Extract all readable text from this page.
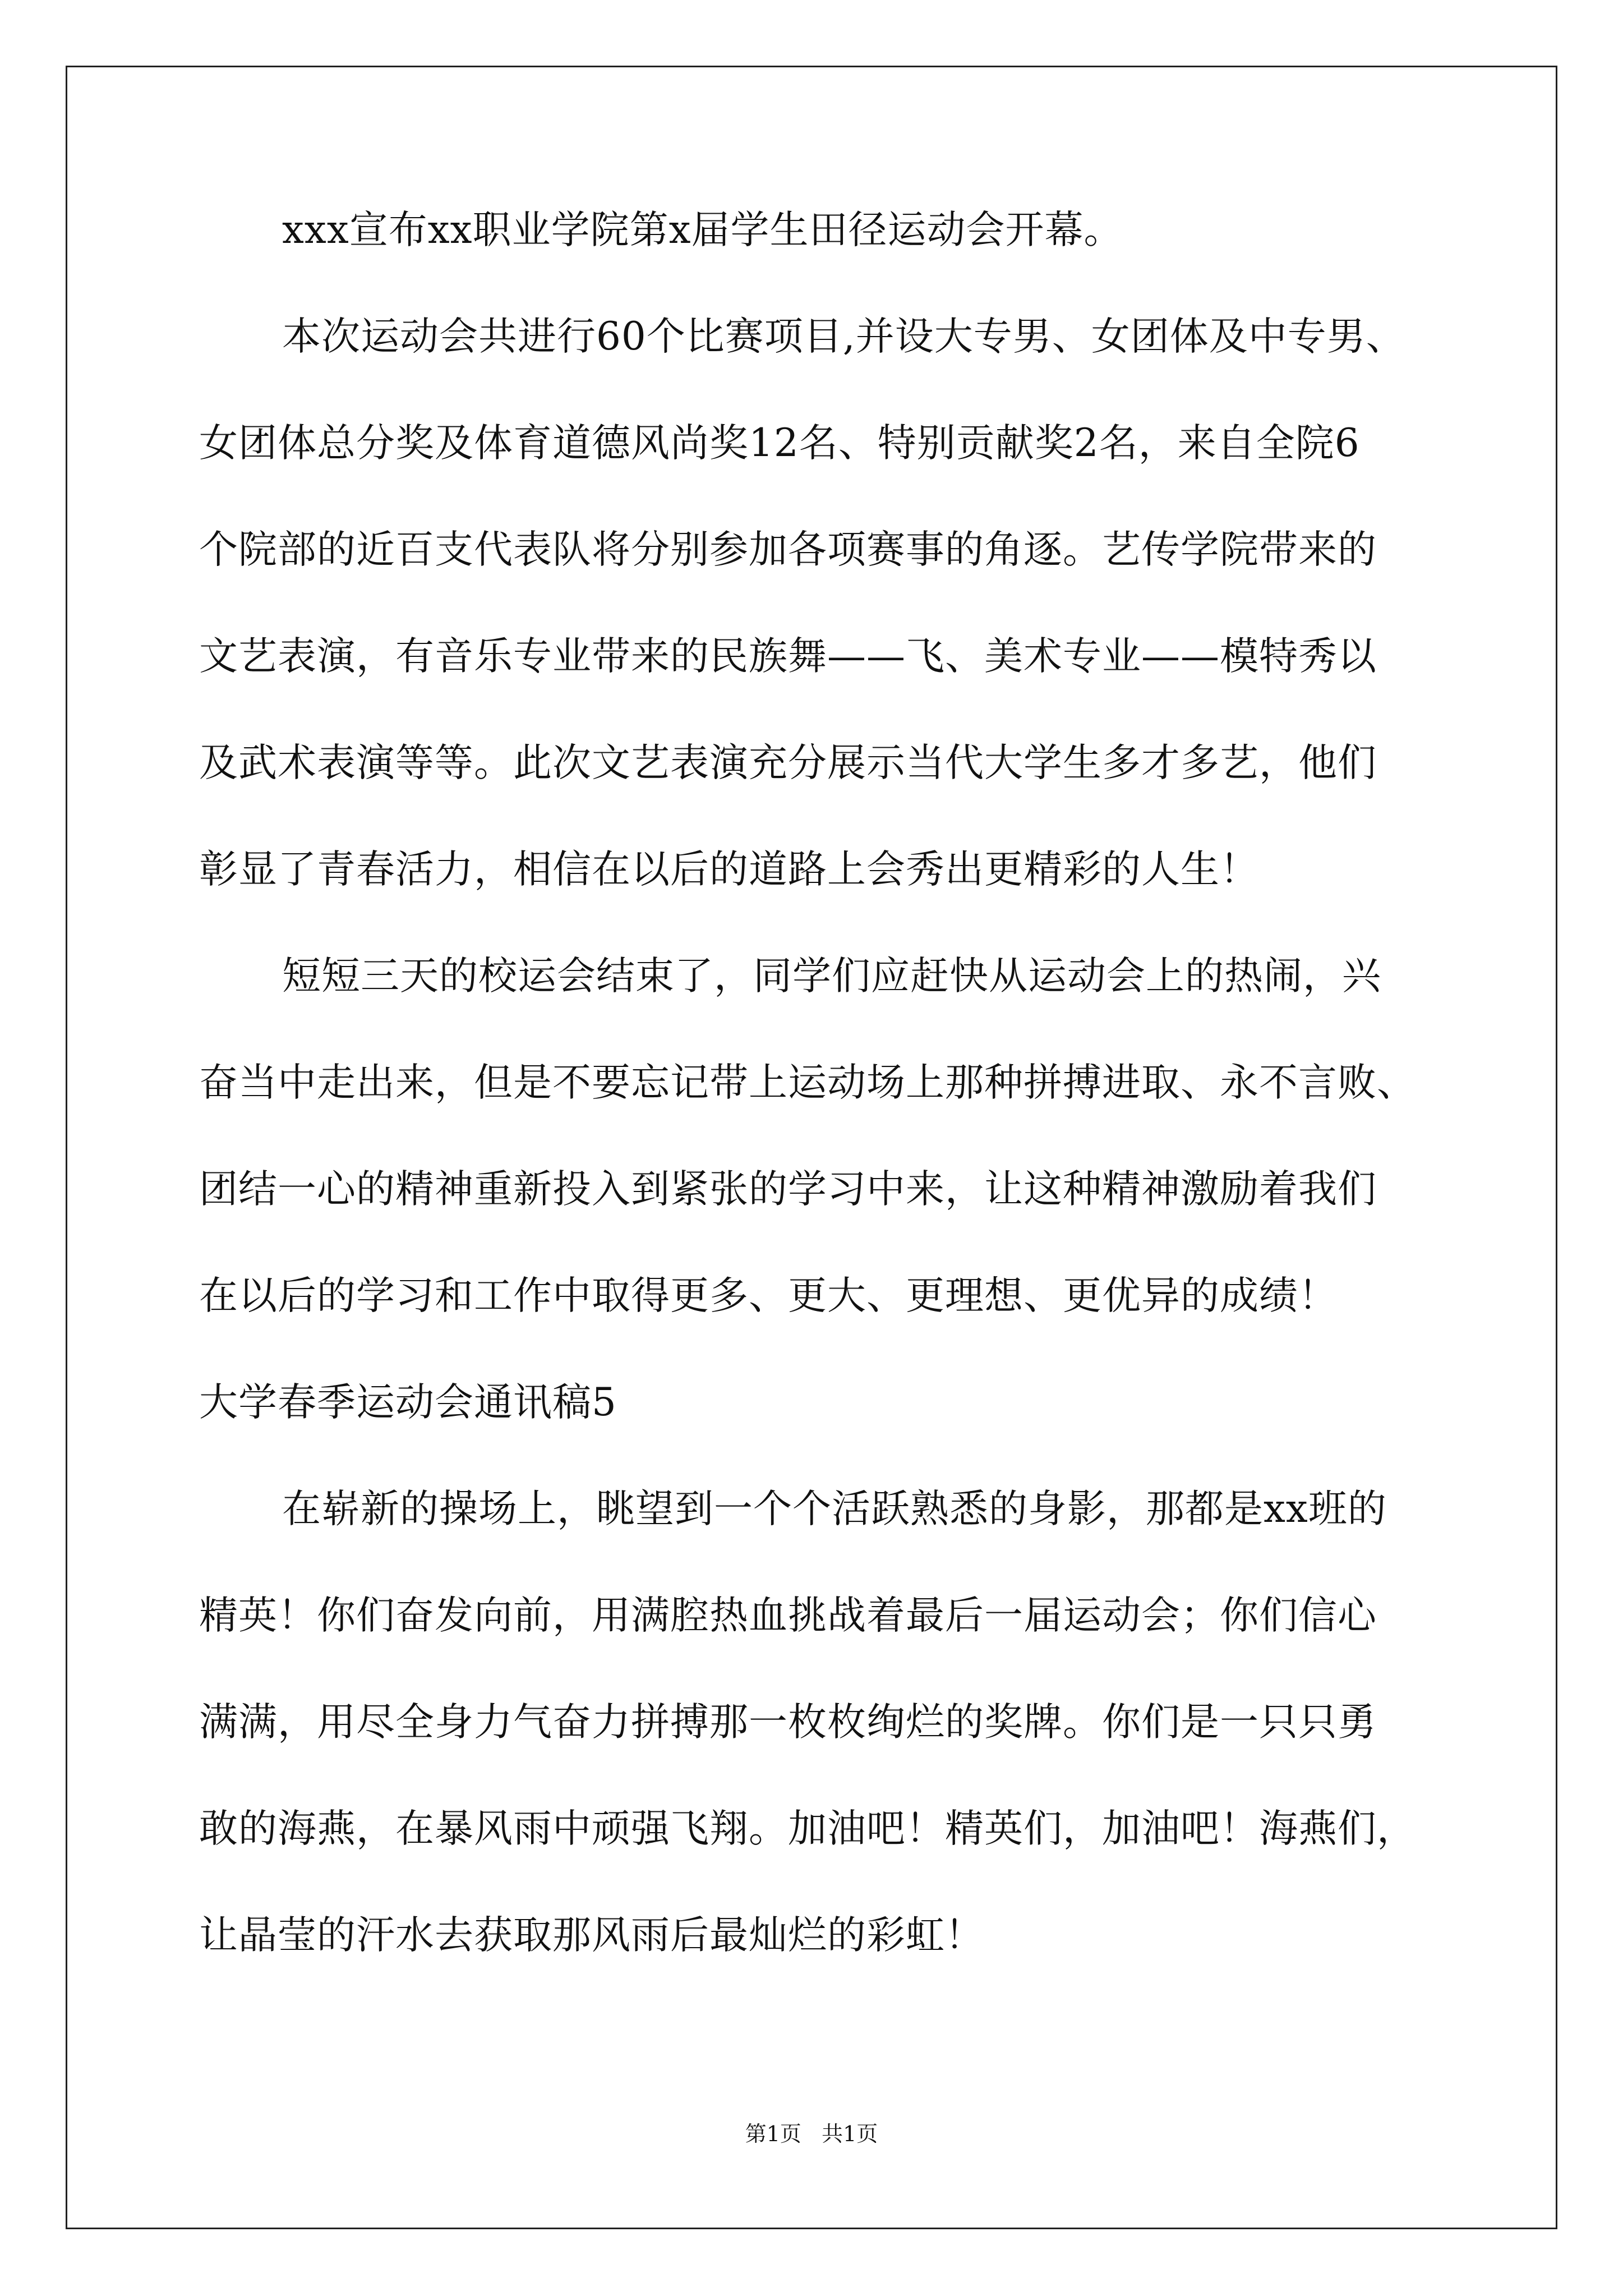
xxx宣布xx职业学院第x届学生田径运动会开幕。
本次运动会共进行60个比赛项目,并设大专男、女团体及中专男、
女团体总分奖及体育道德风尚奖12名、特别贡献奖2名，来自全院6
个院部的近百支代表队将分别参加各项赛事的角逐。艺传学院带来的
文艺表演，有音乐专业带来的民族舞——飞、美术专业——模特秀以
及武术表演等等。此次文艺表演充分展示当代大学生多才多艺，他们
彰显了青春活力，相信在以后的道路上会秀出更精彩的人生！
短短三天的校运会结束了，同学们应赶快从运动会上的热闹，兴
奋当中走出来，但是不要忘记带上运动场上那种拼搏进取、永不言败、
团结一心的精神重新投入到紧张的学习中来，让这种精神激励着我们
在以后的学习和工作中取得更多、更大、更理想、更优异的成绩！
大学春季运动会通讯稿5
在崭新的操场上，眺望到一个个活跃熟悉的身影，那都是xx班的
精英！你们奋发向前，用满腔热血挑战着最后一届运动会；你们信心
满满，用尽全身力气奋力拼搏那一枚枚绚烂的奖牌。你们是一只只勇
敢的海燕，在暴风雨中顽强飞翔。加油吧！精英们，加油吧！海燕们，
让晶莹的汗水去获取那风雨后最灿烂的彩虹！
第1页   共1页
